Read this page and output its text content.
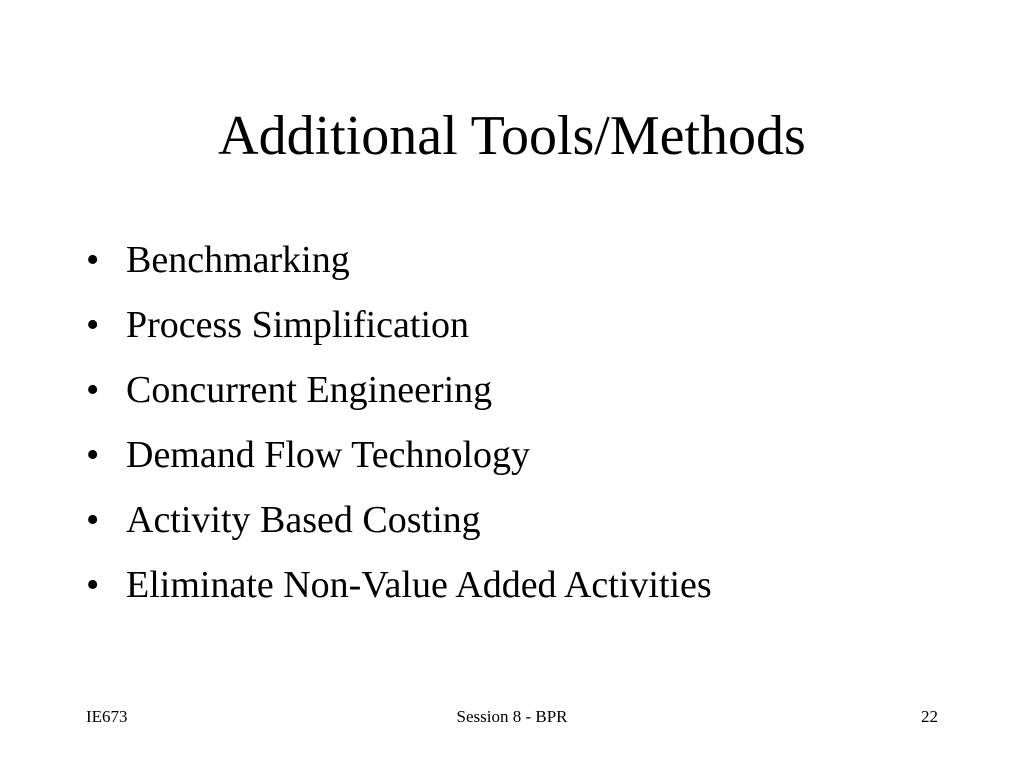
Additional Tools/Methods
• Benchmarking
• Process Simplification
• Concurrent Engineering
• Demand Flow Technology
• Activity Based Costing
• Eliminate Non-Value Added Activities
IE673	Session 8 - BPR	22
